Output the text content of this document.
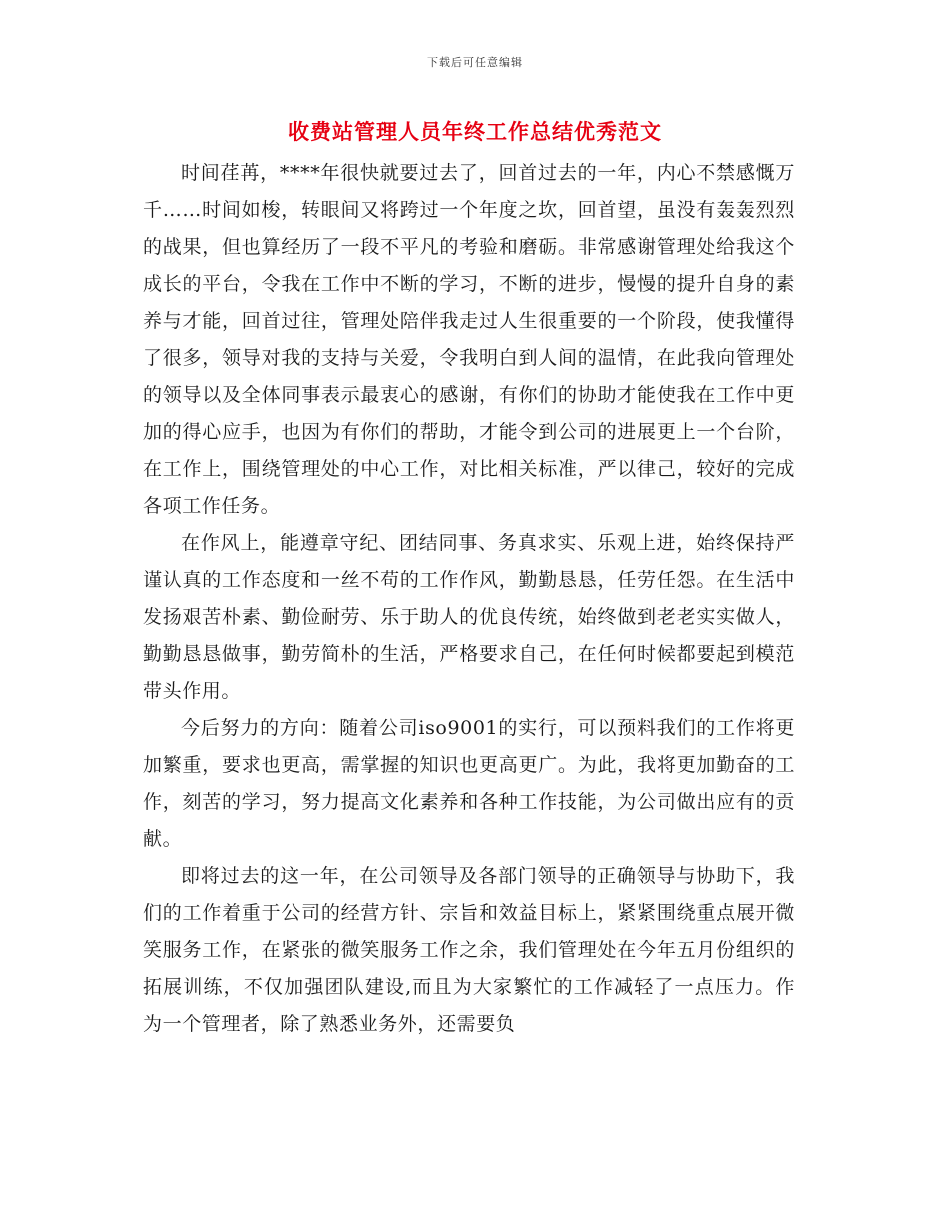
下载后可任意编辑
收费站管理人员年终工作总结优秀范文

时间荏苒，****年很快就要过去了，回首过去的一年，内心不禁感慨万千……时间如梭，转眼间又将跨过一个年度之坎，回首望，虽没有轰轰烈烈的战果，但也算经历了一段不平凡的考验和磨砺。非常感谢管理处给我这个成长的平台，令我在工作中不断的学习，不断的进步，慢慢的提升自身的素养与才能，回首过往，管理处陪伴我走过人生很重要的一个阶段，使我懂得了很多，领导对我的支持与关爱，令我明白到人间的温情，在此我向管理处的领导以及全体同事表示最衷心的感谢，有你们的协助才能使我在工作中更加的得心应手，也因为有你们的帮助，才能令到公司的进展更上一个台阶，在工作上，围绕管理处的中心工作，对比相关标准，严以律己，较好的完成各项工作任务。

在作风上，能遵章守纪、团结同事、务真求实、乐观上进，始终保持严谨认真的工作态度和一丝不苟的工作作风，勤勤恳恳，任劳任怨。在生活中发扬艰苦朴素、勤俭耐劳、乐于助人的优良传统，始终做到老老实实做人，勤勤恳恳做事，勤劳简朴的生活，严格要求自己，在任何时候都要起到模范带头作用。

今后努力的方向：随着公司iso9001的实行，可以预料我们的工作将更加繁重，要求也更高，需掌握的知识也更高更广。为此，我将更加勤奋的工作，刻苦的学习，努力提高文化素养和各种工作技能，为公司做出应有的贡献。

即将过去的这一年，在公司领导及各部门领导的正确领导与协助下，我们的工作着重于公司的经营方针、宗旨和效益目标上，紧紧围绕重点展开微笑服务工作，在紧张的微笑服务工作之余，我们管理处在今年五月份组织的拓展训练，不仅加强团队建设,而且为大家繁忙的工作减轻了一点压力。作为一个管理者，除了熟悉业务外，还需要负
